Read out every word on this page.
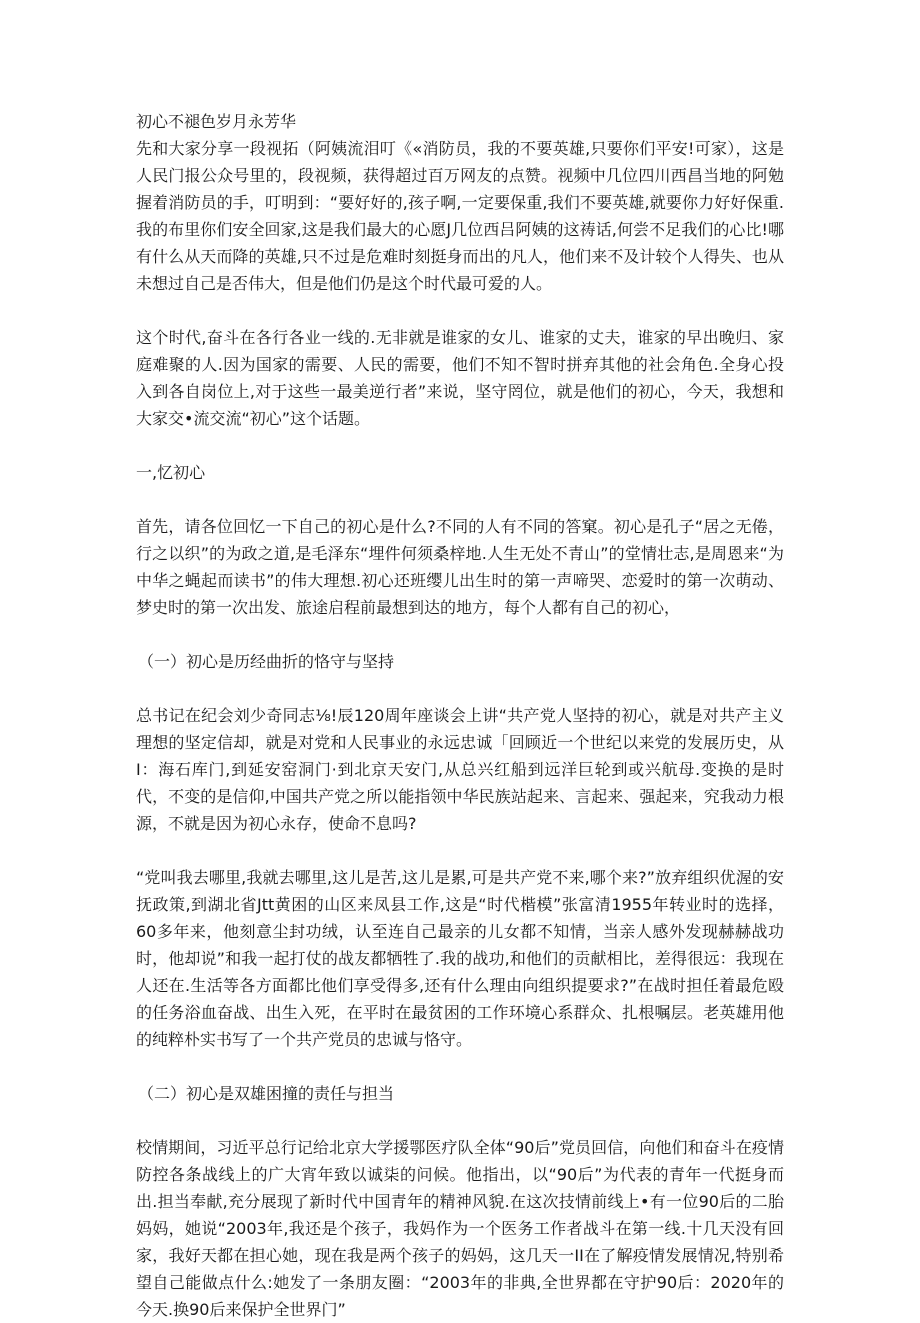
初心不褪色岁月永芳华

先和大家分享一段视拓（阿姨流泪叮《«消防员，我的不要英雄,只要你们平安!可家），这是人民门报公众号里的，段视频，获得超过百万网友的点赞。视频中几位四川西昌当地的阿勉握着消防员的手，叮明到：“要好好的,孩子啊,一定要保重,我们不要英雄,就要你力好好保重.我的布里你们安全回家,这是我们最大的心愿J几位西吕阿姨的这祷话,何尝不足我们的心比!哪有什么从天而降的英雄,只不过是危难时刻挺身而出的凡人，他们来不及计较个人得失、也从未想过自己是否伟大，但是他们仍是这个时代最可爱的人。

这个时代,奋斗在各行各业一线的.无非就是谁家的女儿、谁家的丈夫，谁家的早出晚归、家庭难聚的人.因为国家的需要、人民的需要，他们不知不智时拼弃其他的社会角色.全身心投入到各自岗位上,对于这些一最美逆行者”来说，坚守罔位，就是他们的初心，今天，我想和大家交•流交流“初心”这个话题。

一,忆初心

首先，请各位回忆一下自己的初心是什么?不同的人有不同的答窠。初心是孔子“居之无倦，行之以织”的为政之道,是毛泽东“埋件何须桑梓地.人生无处不青山”的堂情壮志,是周恩来“为中华之蝇起而读书”的伟大理想.初心还班缨儿出生时的第一声啼哭、恋爱时的第一次萌动、梦史时的第一次出发、旅途启程前最想到达的地方，每个人都有自己的初心，

（一）初心是历经曲折的恪守与坚持

总书记在纪会刘少奇同志⅛!辰120周年座谈会上讲“共产党人坚持的初心，就是对共产主义理想的坚定信却，就是对党和人民事业的永远忠诚「回顾近一个世纪以来党的发展历史，从I：海石库门,到延安窑洞门·到北京天安门,从总兴红船到远洋巨轮到或兴航母.变换的是时代，不变的是信仰,中国共产党之所以能指领中华民族站起来、言起来、强起来，究我动力根源，不就是因为初心永存，使命不息吗?

“党叫我去哪里,我就去哪里,这儿是苦,这儿是累,可是共产党不来,哪个来?”放弃组织优渥的安抚政策,到湖北省Jtt黄困的山区来凤县工作,这是“时代楷模”张富清1955年转业时的选择，60多年来，他刻意尘封功绒，认至连自己最亲的儿女都不知情，当亲人感外发现赫赫战功时，他却说”和我一起打仗的战友都牺牲了.我的战功,和他们的贡献相比，差得很远：我现在人还在.生活等各方面都比他们享受得多,还有什么理由向组织提要求?”在战时担任着最危殴的任务浴血奋战、出生入死，在平时在最贫困的工作环境心系群众、扎根嘱层。老英雄用他的纯粹朴实书写了一个共产党员的忠诚与恪守。

（二）初心是双雄困撞的责任与担当

校情期间，习近平总行记给北京大学援鄂医疗队全体“90后”党员回信，向他们和奋斗在疫情防控各条战线上的广大宵年致以诚柒的问候。他指出，以“90后”为代表的青年一代挺身而出.担当奉献,充分展现了新时代中国青年的精神风貌.在这次技情前线上•有一位90后的二胎妈妈，她说“2003年,我还是个孩子，我妈作为一个医务工作者战斗在第一线.十几天没有回家，我好天都在担心她，现在我是两个孩子的妈妈，这几天一II在了解疫情发展情况,特别希望自己能做点什么:她发了一条朋友圈：“2003年的非典,全世界都在守护90后：2020年的今天.换90后来保护全世界门”
